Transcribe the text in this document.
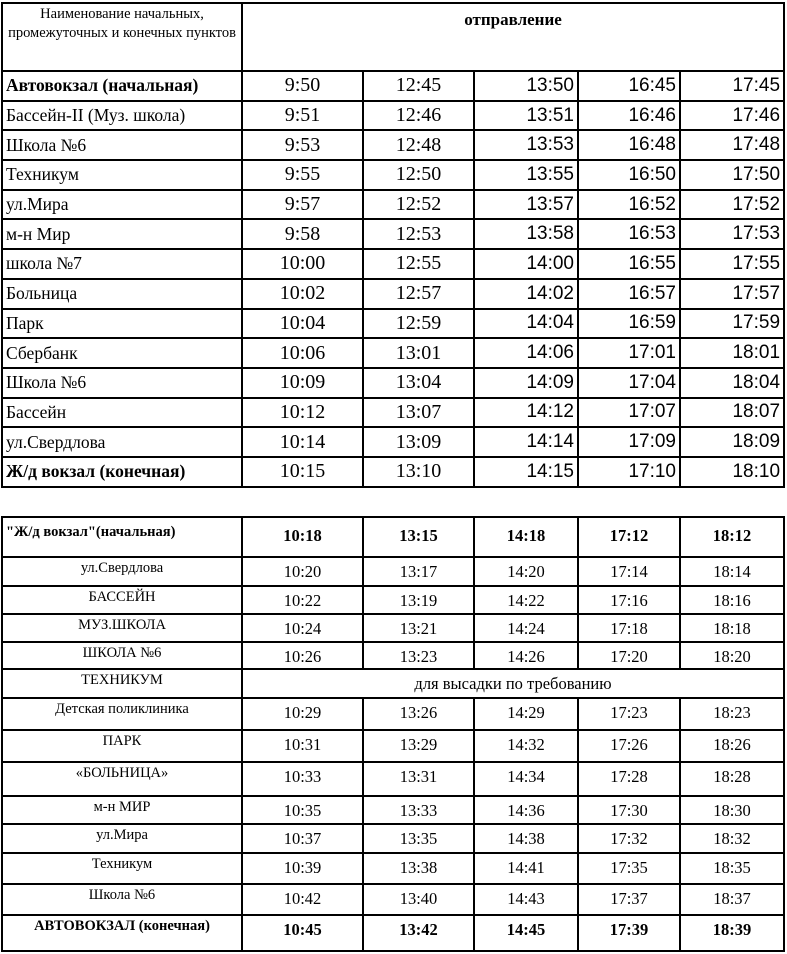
Наименование начальных, промежуточных и конечных пунктов	отправление				
Автовокзал (начальная)	9:50	12:45	13:50	16:45	17:45
Бассейн-II (Муз. школа)	9:51	12:46	13:51	16:46	17:46
Школа №6	9:53	12:48	13:53	16:48	17:48
Техникум	9:55	12:50	13:55	16:50	17:50
ул.Мира	9:57	12:52	13:57	16:52	17:52
м-н Мир	9:58	12:53	13:58	16:53	17:53
школа №7	10:00	12:55	14:00	16:55	17:55
Больница	10:02	12:57	14:02	16:57	17:57
Парк	10:04	12:59	14:04	16:59	17:59
Сбербанк	10:06	13:01	14:06	17:01	18:01
Школа №6	10:09	13:04	14:09	17:04	18:04
Бассейн	10:12	13:07	14:12	17:07	18:07
ул.Свердлова	10:14	13:09	14:14	17:09	18:09
Ж/д вокзал (конечная)	10:15	13:10	14:15	17:10	18:10
"Ж/д вокзал"(начальная)	10:18	13:15	14:18	17:12	18:12
ул.Свердлова	10:20	13:17	14:20	17:14	18:14
БАССЕЙН	10:22	13:19	14:22	17:16	18:16
МУЗ.ШКОЛА	10:24	13:21	14:24	17:18	18:18
ШКОЛА №6	10:26	13:23	14:26	17:20	18:20
ТЕХНИКУМ	для высадки по требованию				
Детская поликлиника	10:29	13:26	14:29	17:23	18:23
ПАРК	10:31	13:29	14:32	17:26	18:26
«БОЛЬНИЦА»	10:33	13:31	14:34	17:28	18:28
м-н МИР	10:35	13:33	14:36	17:30	18:30
ул.Мира	10:37	13:35	14:38	17:32	18:32
Техникум	10:39	13:38	14:41	17:35	18:35
Школа №6	10:42	13:40	14:43	17:37	18:37
АВТОВОКЗАЛ (конечная)	10:45	13:42	14:45	17:39	18:39
